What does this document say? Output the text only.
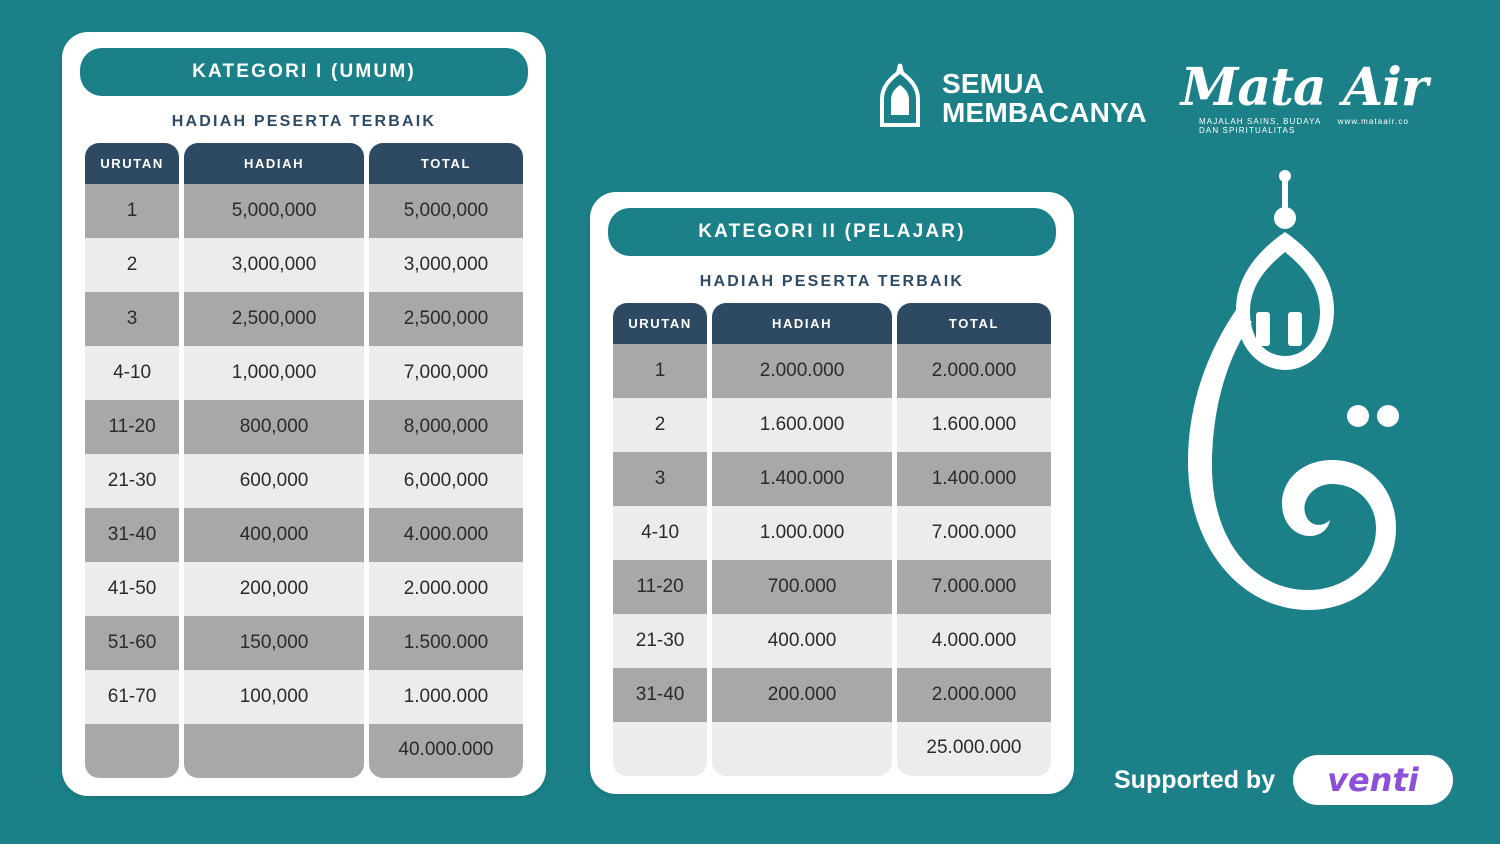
KATEGORI I (UMUM)
HADIAH PESERTA TERBAIK
URUTAN	HADIAH	TOTAL
1	5,000,000	5,000,000
2	3,000,000	3,000,000
3	2,500,000	2,500,000
4-10	1,000,000	7,000,000
11-20	800,000	8,000,000
21-30	600,000	6,000,000
31-40	400,000	4.000.000
41-50	200,000	2.000.000
51-60	150,000	1.500.000
61-70	100,000	1.000.000
		40.000.000
KATEGORI II (PELAJAR)
HADIAH PESERTA TERBAIK
URUTAN	HADIAH	TOTAL
1	2.000.000	2.000.000
2	1.600.000	1.600.000
3	1.400.000	1.400.000
4-10	1.000.000	7.000.000
11-20	700.000	7.000.000
21-30	400.000	4.000.000
31-40	200.000	2.000.000
		25.000.000
SEMUA
MEMBACANYA Mata Air
MAJALAH SAINS, BUDAYA DAN SPIRITUALITAS
www.mataair.co
Supported by venti
